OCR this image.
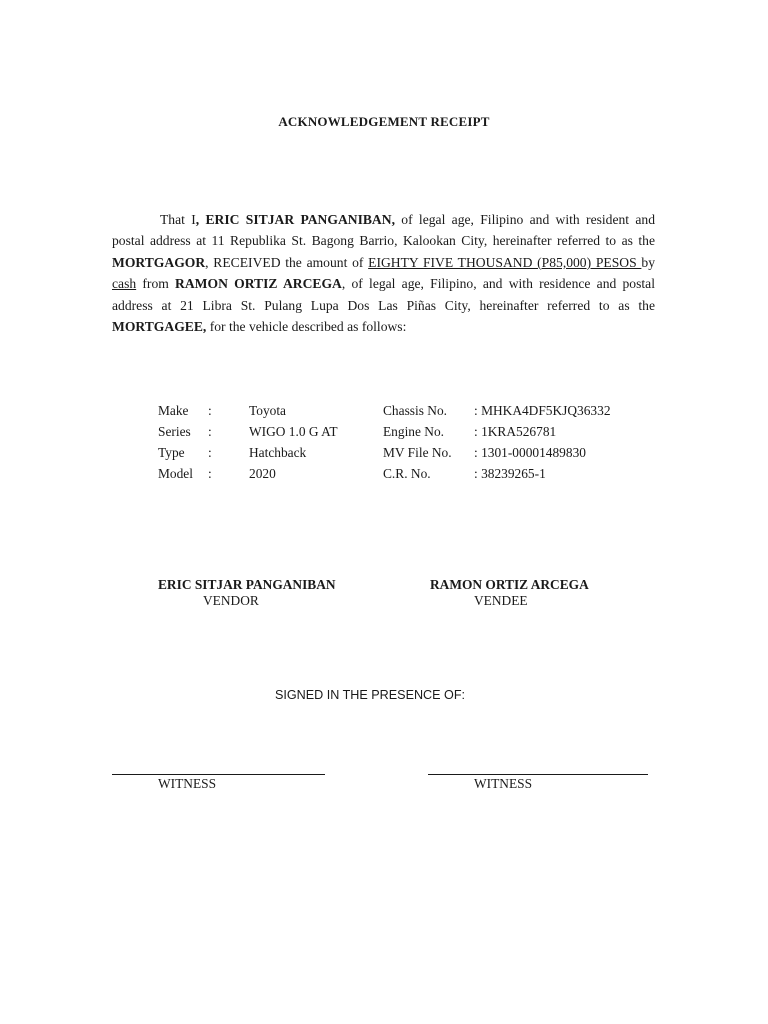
ACKNOWLEDGEMENT RECEIPT
That I, ERIC SITJAR PANGANIBAN, of legal age, Filipino and with resident and postal address at 11 Republika St. Bagong Barrio, Kalookan City, hereinafter referred to as the MORTGAGOR, RECEIVED the amount of EIGHTY FIVE THOUSAND (P85,000) PESOS by cash from RAMON ORTIZ ARCEGA, of legal age, Filipino, and with residence and postal address at 21 Libra St. Pulang Lupa Dos Las Piñas City, hereinafter referred to as the MORTGAGEE, for the vehicle described as follows:
Make	:	Toyota	Chassis No.	: MHKA4DF5KJQ36332
Series	:	WIGO 1.0 G AT	Engine No.	: 1KRA526781
Type	:	Hatchback	MV File No.	: 1301-00001489830
Model	:	2020	C.R. No.	: 38239265-1
ERIC SITJAR PANGANIBAN
VENDOR
RAMON ORTIZ ARCEGA
VENDEE
SIGNED IN THE PRESENCE OF:
WITNESS	WITNESS
